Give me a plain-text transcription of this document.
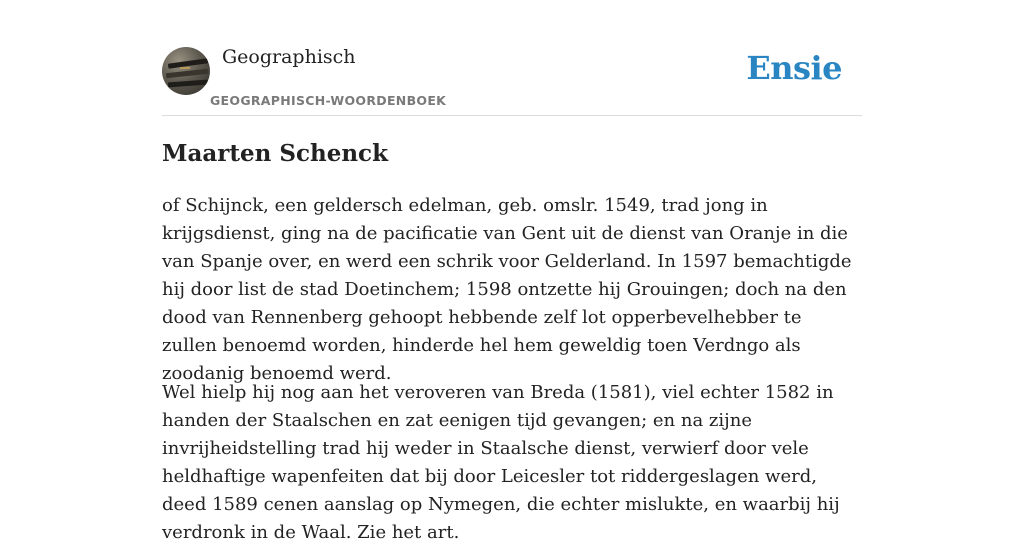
Geographisch
GEOGRAPHISCH-WOORDENBOEK
Ensie
Maarten Schenck

of Schijnck, een geldersch edelman, geb. omslr. 1549, trad jong in krijgsdienst, ging na de pacificatie van Gent uit de dienst van Oranje in die van Spanje over, en werd een schrik voor Gelderland. In 1597 bemachtigde hij door list de stad Doetinchem; 1598 ontzette hij Grouingen; doch na den dood van Rennenberg gehoopt hebbende zelf lot opperbevelhebber te zullen benoemd worden, hinderde hel hem geweldig toen Verdngo als zoodanig benoemd werd.

Wel hielp hij nog aan het veroveren van Breda (1581), viel echter 1582 in handen der Staalschen en zat eenigen tijd gevangen; en na zijne invrijheidstelling trad hij weder in Staalsche dienst, verwierf door vele heldhaftige wapenfeiten dat bij door Leicesler tot riddergeslagen werd, deed 1589 cenen aanslag op Nymegen, die echter mislukte, en waarbij hij verdronk in de Waal. Zie het art.
